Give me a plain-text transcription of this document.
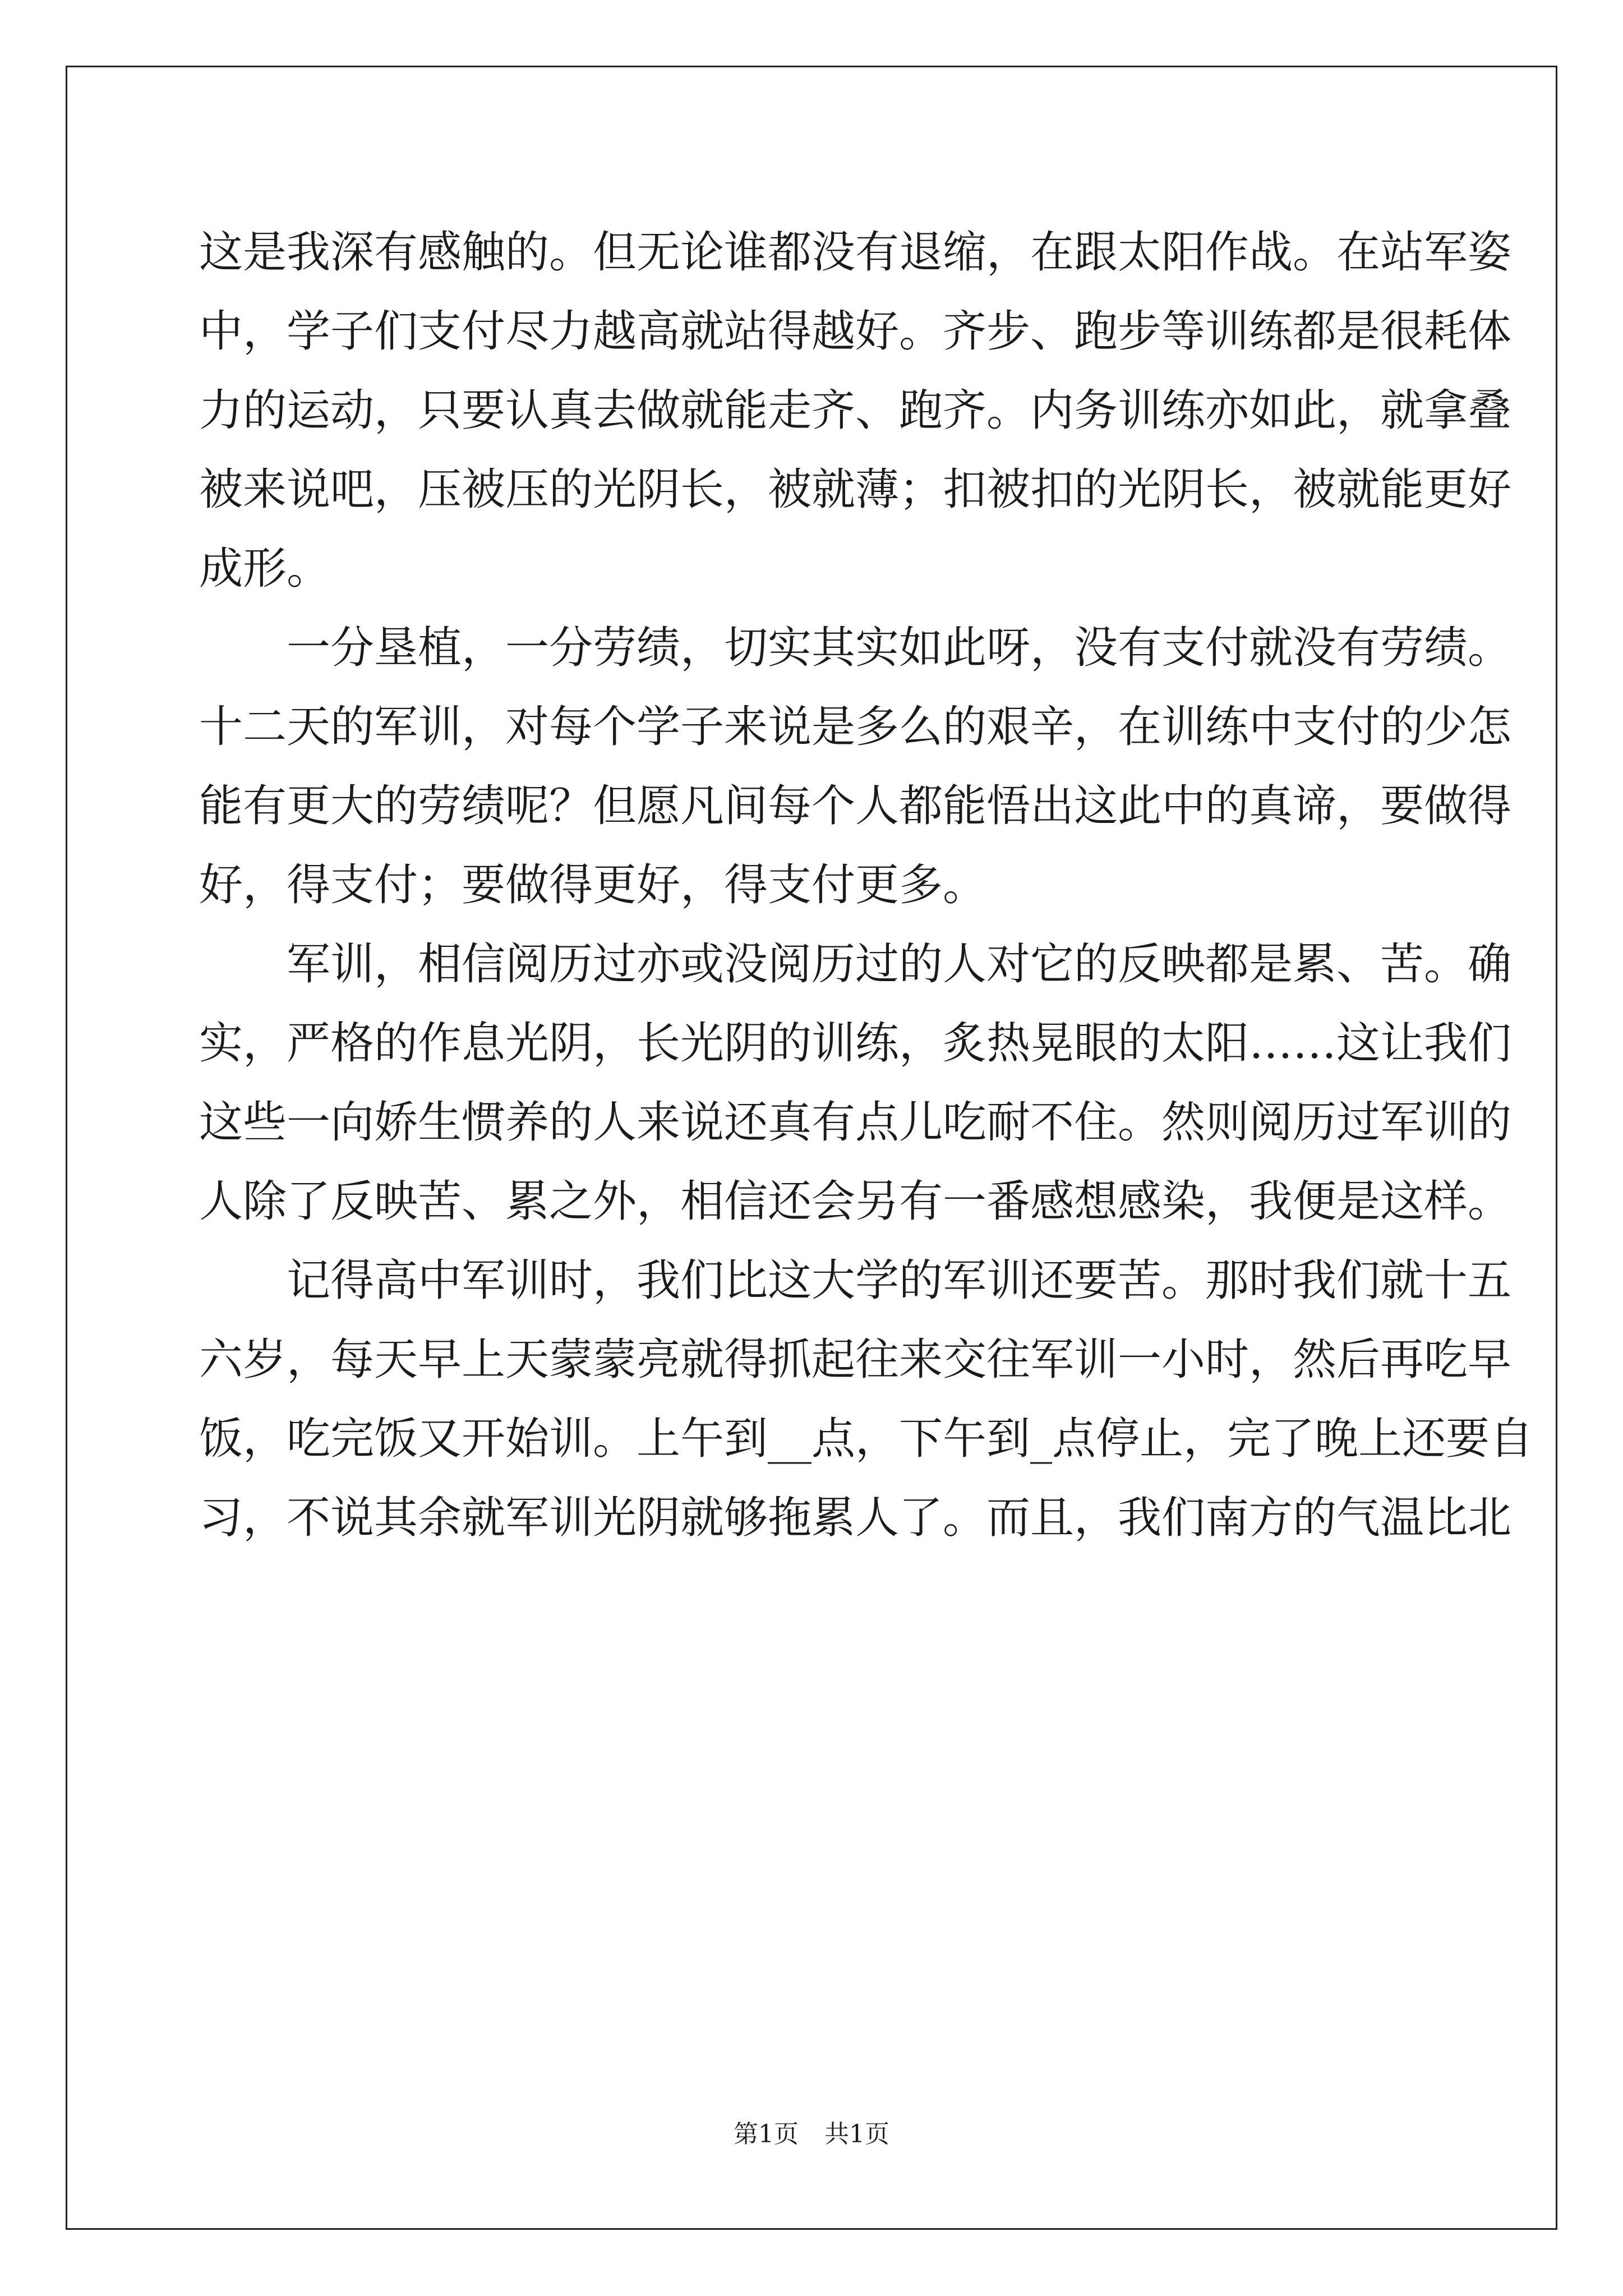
这是我深有感触的。但无论谁都没有退缩，在跟太阳作战。在站军姿
中，学子们支付尽力越高就站得越好。齐步、跑步等训练都是很耗体
力的运动，只要认真去做就能走齐、跑齐。内务训练亦如此，就拿叠
被来说吧，压被压的光阴长，被就薄；扣被扣的光阴长，被就能更好
成形。
　　一分垦植，一分劳绩，切实其实如此呀，没有支付就没有劳绩。
十二天的军训，对每个学子来说是多么的艰辛，在训练中支付的少怎
能有更大的劳绩呢？但愿凡间每个人都能悟出这此中的真谛，要做得
好，得支付；要做得更好，得支付更多。
　　军训，相信阅历过亦或没阅历过的人对它的反映都是累、苦。确
实，严格的作息光阴，长光阴的训练，炙热晃眼的太阳……这让我们
这些一向娇生惯养的人来说还真有点儿吃耐不住。然则阅历过军训的
人除了反映苦、累之外，相信还会另有一番感想感染，我便是这样。
　　记得高中军训时，我们比这大学的军训还要苦。那时我们就十五
六岁，每天早上天蒙蒙亮就得抓起往来交往军训一小时，然后再吃早
饭，吃完饭又开始训。上午到__点，下午到_点停止，完了晚上还要自
习，不说其余就军训光阴就够拖累人了。而且，我们南方的气温比北
第1页 共1页
